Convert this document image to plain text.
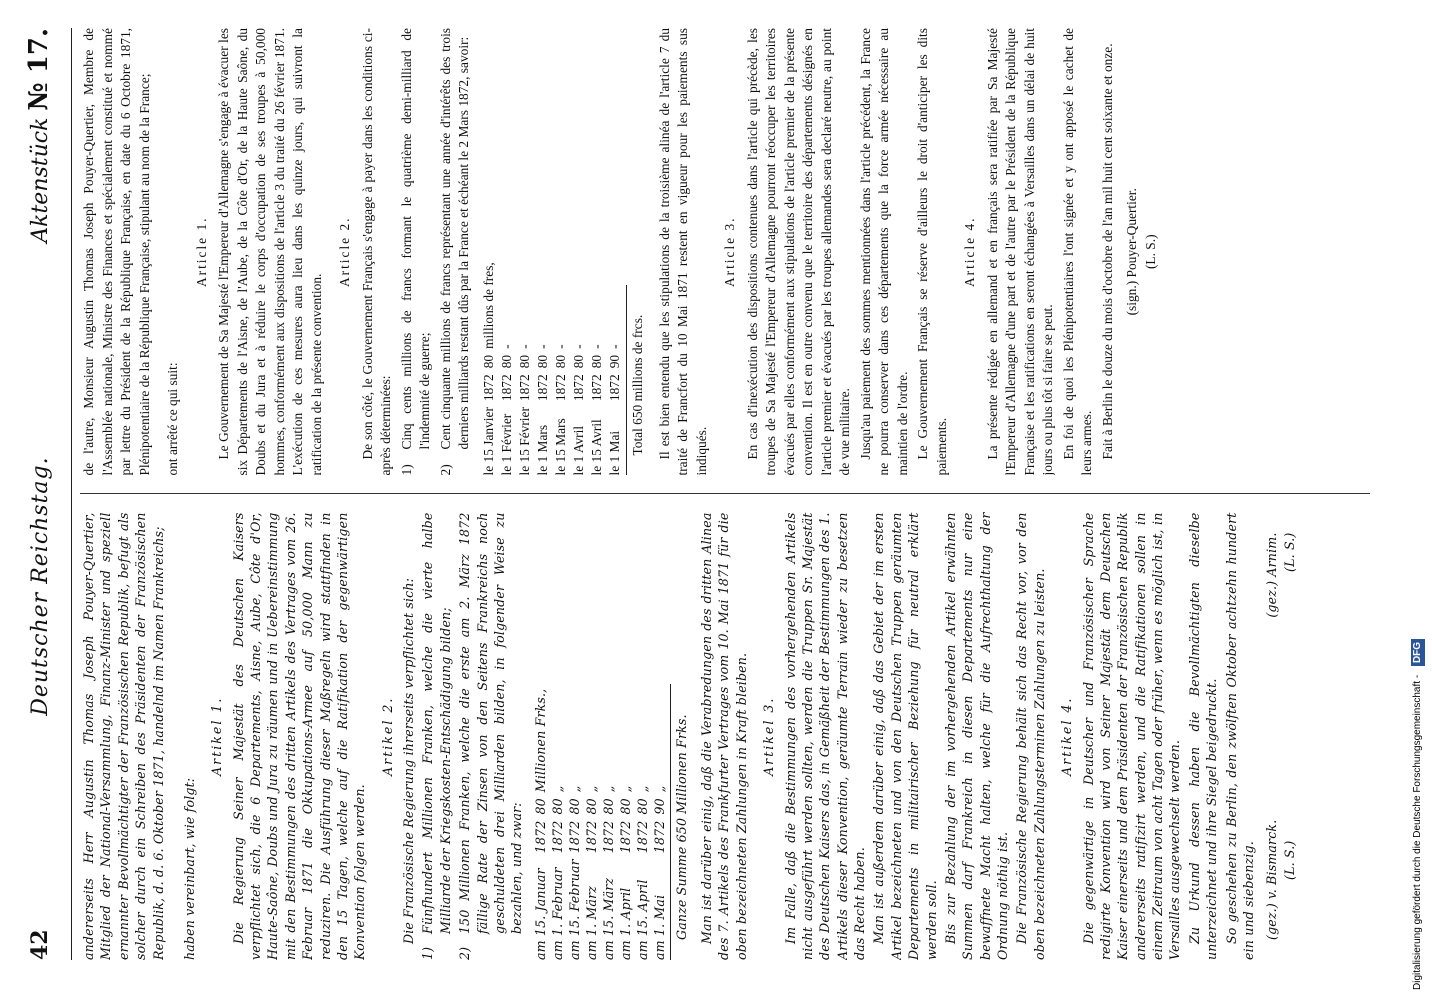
42
Deutscher Reichstag.
Aktenstück № 17.

andererseits Herr Augustin Thomas Joseph Pouyer-Quertier, Mitglied der National-Versammlung, Finanz-Minister und speziell ernannter Bevollmächtigter der Französischen Republik, befugt als solcher durch ein Schreiben des Präsidenten der Französischen Republik, d. d. 6. Oktober 1871, handelnd im Namen Frankreichs; haben vereinbart, wie folgt:

Artikel 1. Die Regierung Seiner Majestät des Deutschen Kaisers verpflichtet sich, die 6 Departements, Aisne, Aube, Côte d'Or, Haute-Saône, Doubs und Jura zu räumen und in Uebereinstimmung mit den Bestimmungen des dritten Artikels des Vertrages vom 26. Februar 1871 die Okkupations-Armee auf 50,000 Mann zu reduziren. Die Ausführung dieser Maßregeln wird stattfinden in den 15 Tagen, welche auf die Ratifikation der gegenwärtigen Konvention folgen werden.

Artikel 2. Die Französische Regierung ihrerseits verpflichtet sich:

1)
Fünfhundert Millionen Franken, welche die vierte halbe Milliarde der Kriegskosten-Entschädigung bilden;
2)
150 Millionen Franken, welche die erste am 2. März 1872 fällige Rate der Zinsen von den Seitens Frankreichs noch geschuldeten drei Milliarden bilden, in folgender Weise zu bezahlen, und zwar: am 15. Januar	1872	80	Millionen Frks.,
am 1. Februar	1872	80	„
am 15. Februar	1872	80	„
am 1. März	1872	80	„
am 15. März	1872	80	„
am 1. April	1872	80	„
am 15. April	1872	80	„
am 1. Mai	1872	90	„ Ganze Summe 650 Millionen Frks. Man ist darüber einig, daß die Verabredungen des dritten Alinea des 7. Artikels des Frankfurter Vertrages vom 10. Mai 1871 für die oben bezeichneten Zahlungen in Kraft bleiben. Artikel 3. Im Falle, daß die Bestimmungen des vorhergehenden Artikels nicht ausgeführt werden sollten, werden die Truppen Sr. Majestät des Deutschen Kaisers das, in Gemäßheit der Bestimmungen des 1. Artikels dieser Konvention, geräumte Terrain wieder zu besetzen das Recht haben. Man ist außerdem darüber einig, daß das Gebiet der im ersten Artikel bezeichneten und von den Deutschen Truppen geräumten Departements in militairischer Beziehung für neutral erklärt werden soll. Bis zur Bezahlung der im vorhergehenden Artikel erwähnten Summen darf Frankreich in diesen Departements nur eine bewaffnete Macht halten, welche für die Aufrechthaltung der Ordnung nöthig ist. Die Französische Regierung behält sich das Recht vor, vor den oben bezeichneten Zahlungsterminen Zahlungen zu leisten. Artikel 4. Die gegenwärtige in Deutscher und Französischer Sprache redigirte Konvention wird von Seiner Majestät dem Deutschen Kaiser einerseits und dem Präsidenten der Französischen Republik andererseits ratifizirt werden, und die Ratifikationen sollen in einem Zeitraum von acht Tagen oder früher, wenn es möglich ist, in Versailles ausgewechselt werden. Zu Urkund dessen haben die Bevollmächtigten dieselbe unterzeichnet und ihre Siegel beigedruckt. So geschehen zu Berlin, den zwölften Oktober achtzehn hundert ein und siebenzig. (gez.) v. Bismarck.
(gez.) Arnim.
(L. S.)
(L. S.)

de l'autre, Monsieur Augustin Thomas Joseph Pouyer-Quertier, Membre de l'Assemblée nationale, Ministre des Finances et spécialement constitué et nommé par lettre du Président de la République Française, en date du 6 Octobre 1871, Plénipotentiaire de la République Française, stipulant au nom de la France; ont arrêté ce qui suit:

Article 1. Le Gouvernement de Sa Majesté l'Empereur d'Allemagne s'engage à évacuer les six Départements de l'Aisne, de l'Aube, de la Côte d'Or, de la Haute Saône, du Doubs et du Jura et à réduire le corps d'occupation de ses troupes à 50,000 hommes, conformément aux dispositions de l'article 3 du traité du 26 février 1871. L'exécution de ces mesures aura lieu dans les quinze jours, qui suivront la ratification de la présente convention.

Article 2. De son côté, le Gouvernement Français s'engage à payer dans les conditions ci-après déterminées: 1)
Cinq cents millions de francs formant le quatrième demi-milliard de l'indemnité de guerre;
2)
Cent cinquante millions de francs représentant une année d'intérêts des trois derniers milliards restant dûs par la France et échéant le 2 Mars 1872, savoir: le 15 Janvier	1872	80	millions de fres,
le 1 Février	1872	80	-
le 15 Février	1872	80	-
le 1 Mars	1872	80	-
le 15 Mars	1872	80	-
le 1 Avril	1872	80	-
le 15 Avril	1872	80	-
le 1 Mai	1872	90	- Total 650 millions de frcs. Il est bien entendu que les stipulations de la troisième alinéa de l'article 7 du traité de Francfort du 10 Mai 1871 restent en vigueur pour les paiements sus indiqués.

Article 3. En cas d'inexécution des dispositions contenues dans l'article qui précède, les troupes de Sa Majesté l'Empereur d'Allemagne pourront réoccuper les territoires évacués par elles conformément aux stipulations de l'article premier de la présente convention. Il est en outre convenu que le territoire des départements désignés en l'article premier et évacués par les troupes allemandes sera declaré neutre, au point de vue militaire. Jusqu'au paiement des sommes mentionnées dans l'article précédent, la France ne pourra conserver dans ces départements que la force armée nécessaire au maintien de l'ordre. Le Gouvernement Français se réserve d'ailleurs le droit d'anticiper les dits paiements.

Article 4. La présente rédigée en allemand et en français sera ratifiée par Sa Majesté l'Empereur d'Allemagne d'une part et de l'autre par le Président de la République Française et les ratifications en seront échangées à Versailles dans un délai de huit jours ou plus tôt si faire se peut. En foi de quoi les Plénipotentiaires l'ont signée et y ont apposé le cachet de leurs armes. Fait à Berlin le douze du mois d'octobre de l'an mil huit cent soixante et onze. (sign.) Pouyer-Quertier. (L. S.)
Digitalisierung gefördert durch die Deutsche Forschungsgemeinschaft - DFG
